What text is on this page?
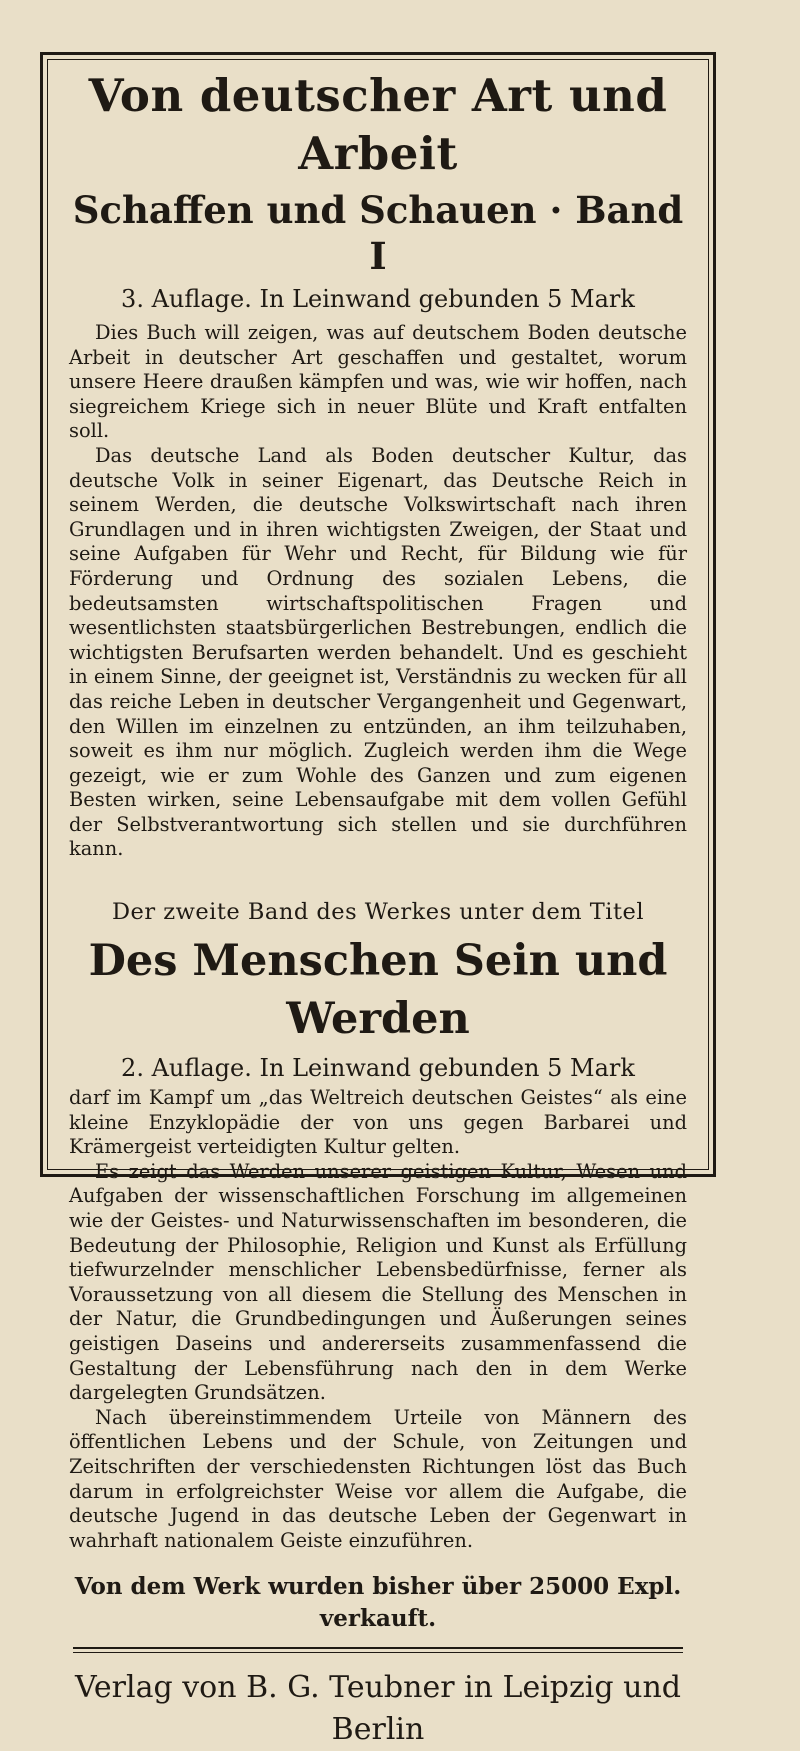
Von deutscher Art und Arbeit
Schaffen und Schauen · Band I
3. Auflage. In Leinwand gebunden 5 Mark

Dies Buch will zeigen, was auf deutschem Boden deutsche Arbeit in deutscher Art geschaffen und gestaltet, worum unsere Heere draußen kämpfen und was, wie wir hoffen, nach siegreichem Kriege sich in neuer Blüte und Kraft entfalten soll.

Das deutsche Land als Boden deutscher Kultur, das deutsche Volk in seiner Eigenart, das Deutsche Reich in seinem Werden, die deutsche Volkswirtschaft nach ihren Grundlagen und in ihren wichtigsten Zweigen, der Staat und seine Aufgaben für Wehr und Recht, für Bildung wie für Förderung und Ordnung des sozialen Lebens, die bedeutsamsten wirtschaftspolitischen Fragen und wesentlichsten staatsbürgerlichen Bestrebungen, endlich die wichtigsten Berufsarten werden behandelt. Und es geschieht in einem Sinne, der geeignet ist, Verständnis zu wecken für all das reiche Leben in deutscher Vergangenheit und Gegenwart, den Willen im einzelnen zu entzünden, an ihm teilzuhaben, soweit es ihm nur möglich. Zugleich werden ihm die Wege gezeigt, wie er zum Wohle des Ganzen und zum eigenen Besten wirken, seine Lebensaufgabe mit dem vollen Gefühl der Selbstverantwortung sich stellen und sie durchführen kann.

Der zweite Band des Werkes unter dem Titel
Des Menschen Sein und Werden
2. Auflage. In Leinwand gebunden 5 Mark

darf im Kampf um „das Weltreich deutschen Geistes“ als eine kleine Enzyklopädie der von uns gegen Barbarei und Krämergeist verteidigten Kultur gelten.

Es zeigt das Werden unserer geistigen Kultur, Wesen und Aufgaben der wissenschaftlichen Forschung im allgemeinen wie der Geistes- und Naturwissenschaften im besonderen, die Bedeutung der Philosophie, Religion und Kunst als Erfüllung tiefwurzelnder menschlicher Lebensbedürfnisse, ferner als Voraussetzung von all diesem die Stellung des Menschen in der Natur, die Grundbedingungen und Äußerungen seines geistigen Daseins und andererseits zusammenfassend die Gestaltung der Lebensführung nach den in dem Werke dargelegten Grundsätzen.

Nach übereinstimmendem Urteile von Männern des öffentlichen Lebens und der Schule, von Zeitungen und Zeitschriften der verschiedensten Richtungen löst das Buch darum in erfolgreichster Weise vor allem die Aufgabe, die deutsche Jugend in das deutsche Leben der Gegenwart in wahrhaft nationalem Geiste einzuführen.

Von dem Werk wurden bisher über 25000 Expl. verkauft.
Verlag von B. G. Teubner in Leipzig und Berlin
